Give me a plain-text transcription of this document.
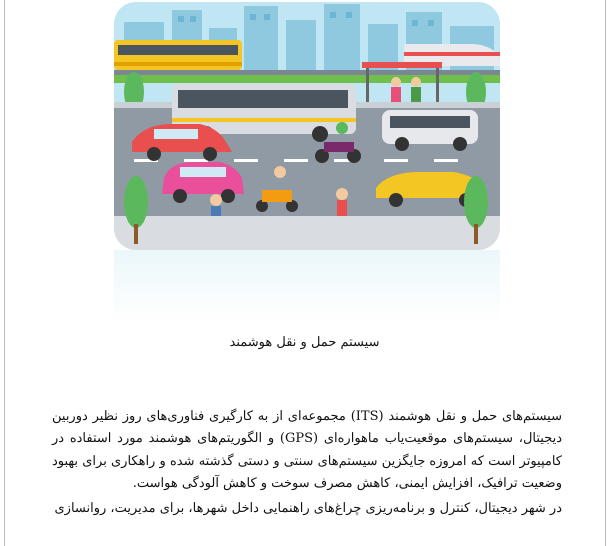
سیستم حمل و نقل هوشمند

سیستم‌های حمل و نقل هوشمند (ITS) مجموعه‌ای از به کارگیری فناوری‌های روز نظیر دوربین دیجیتال، سیستم‌های موقعیت‌یاب ماهواره‌ای (GPS) و الگوریتم‌های هوشمند مورد استفاده در کامپیوتر است که امروزه جایگزین سیستم‌های سنتی و دستی گذشته شده و راهکاری برای بهبود وضعیت ترافیک، افزایش ایمنی، کاهش مصرف سوخت و کاهش آلودگی هواست.

در شهر دیجیتال، کنترل و برنامه‌ریزی چراغ‌های راهنمایی داخل شهرها، برای مدیریت، روانسازی
